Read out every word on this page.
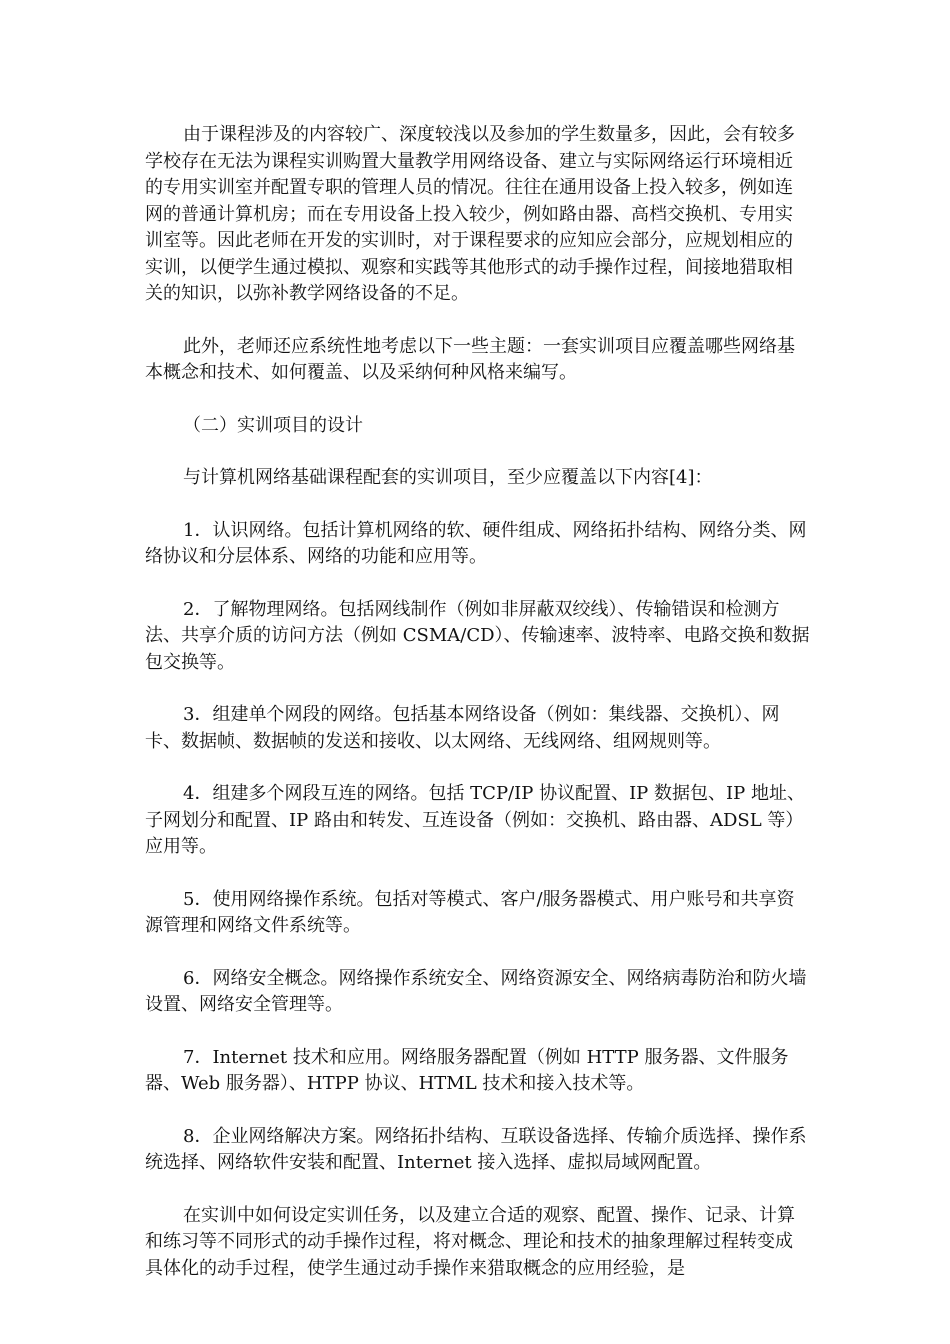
由于课程涉及的内容较广、深度较浅以及参加的学生数量多，因此，会有较多学校存在无法为课程实训购置大量教学用网络设备、建立与实际网络运行环境相近的专用实训室并配置专职的管理人员的情况。往往在通用设备上投入较多，例如连网的普通计算机房；而在专用设备上投入较少，例如路由器、高档交换机、专用实训室等。因此老师在开发的实训时，对于课程要求的应知应会部分，应规划相应的实训，以便学生通过模拟、观察和实践等其他形式的动手操作过程，间接地猎取相关的知识，以弥补教学网络设备的不足。

此外，老师还应系统性地考虑以下一些主题：一套实训项目应覆盖哪些网络基本概念和技术、如何覆盖、以及采纳何种风格来编写。

（二）实训项目的设计

与计算机网络基础课程配套的实训项目，至少应覆盖以下内容[4]：

1．认识网络。包括计算机网络的软、硬件组成、网络拓扑结构、网络分类、网络协议和分层体系、网络的功能和应用等。

2．了解物理网络。包括网线制作（例如非屏蔽双绞线）、传输错误和检测方法、共享介质的访问方法（例如 CSMA/CD）、传输速率、波特率、电路交换和数据包交换等。

3．组建单个网段的网络。包括基本网络设备（例如：集线器、交换机）、网卡、数据帧、数据帧的发送和接收、以太网络、无线网络、组网规则等。

4．组建多个网段互连的网络。包括 TCP/IP 协议配置、IP 数据包、IP 地址、子网划分和配置、IP 路由和转发、互连设备（例如：交换机、路由器、ADSL 等）应用等。

5．使用网络操作系统。包括对等模式、客户/服务器模式、用户账号和共享资源管理和网络文件系统等。

6．网络安全概念。网络操作系统安全、网络资源安全、网络病毒防治和防火墙设置、网络安全管理等。

7．Internet 技术和应用。网络服务器配置（例如 HTTP 服务器、文件服务器、Web 服务器）、HTPP 协议、HTML 技术和接入技术等。

8．企业网络解决方案。网络拓扑结构、互联设备选择、传输介质选择、操作系统选择、网络软件安装和配置、Internet 接入选择、虚拟局域网配置。

在实训中如何设定实训任务，以及建立合适的观察、配置、操作、记录、计算和练习等不同形式的动手操作过程，将对概念、理论和技术的抽象理解过程转变成具体化的动手过程，使学生通过动手操作来猎取概念的应用经验，是
